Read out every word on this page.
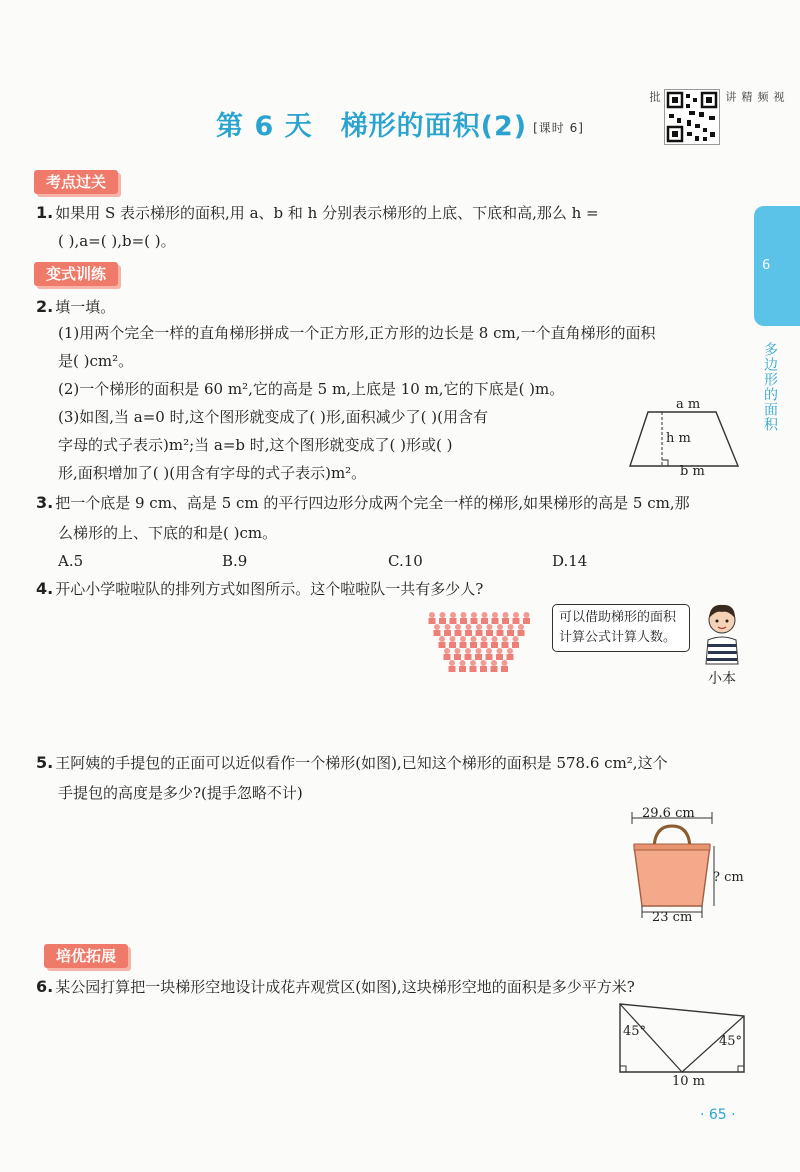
第 6 天 梯形的面积(2) [课时 6]
批	视频精讲
6
多边形的面积
考点过关
1. 如果用 S 表示梯形的面积,用 a、b 和 h 分别表示梯形的上底、下底和高,那么 h =
( ),a=( ),b=( )。
变式训练
2. 填一填。
(1)用两个完全一样的直角梯形拼成一个正方形,正方形的边长是 8 cm,一个直角梯形的面积
是( )cm²。
(2)一个梯形的面积是 60 m²,它的高是 5 m,上底是 10 m,它的下底是( )m。
(3)如图,当 a=0 时,这个图形就变成了( )形,面积减少了( )(用含有
字母的式子表示)m²;当 a=b 时,这个图形就变成了( )形或( )
形,面积增加了( )(用含有字母的式子表示)m²。
a m
h m
b m
3. 把一个底是 9 cm、高是 5 cm 的平行四边形分成两个完全一样的梯形,如果梯形的高是 5 cm,那
么梯形的上、下底的和是( )cm。
A.5	B.9	C.10	D.14
4. 开心小学啦啦队的排列方式如图所示。这个啦啦队一共有多少人?
可以借助梯形的面积
计算公式计算人数。
小本
5. 王阿姨的手提包的正面可以近似看作一个梯形(如图),已知这个梯形的面积是 578.6 cm²,这个
手提包的高度是多少?(提手忽略不计)
29.6 cm
? cm
23 cm
培优拓展
6. 某公园打算把一块梯形空地设计成花卉观赏区(如图),这块梯形空地的面积是多少平方米?
45°
45°
10 m
· 65 ·
